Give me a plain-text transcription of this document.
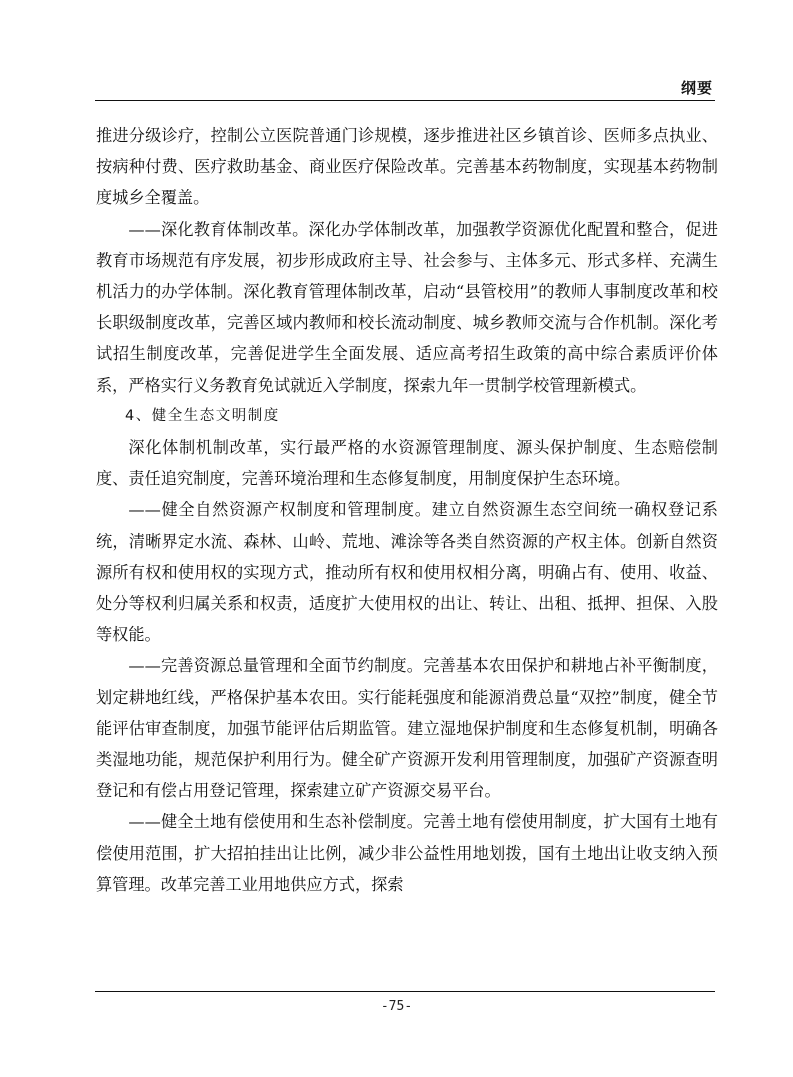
纲要

推进分级诊疗，控制公立医院普通门诊规模，逐步推进社区乡镇首诊、医师多点执业、按病种付费、医疗救助基金、商业医疗保险改革。完善基本药物制度，实现基本药物制度城乡全覆盖。

——深化教育体制改革。深化办学体制改革，加强教学资源优化配置和整合，促进教育市场规范有序发展，初步形成政府主导、社会参与、主体多元、形式多样、充满生机活力的办学体制。深化教育管理体制改革，启动“县管校用”的教师人事制度改革和校长职级制度改革，完善区域内教师和校长流动制度、城乡教师交流与合作机制。深化考试招生制度改革，完善促进学生全面发展、适应高考招生政策的高中综合素质评价体系，严格实行义务教育免试就近入学制度，探索九年一贯制学校管理新模式。

4、健全生态文明制度

深化体制机制改革，实行最严格的水资源管理制度、源头保护制度、生态赔偿制度、责任追究制度，完善环境治理和生态修复制度，用制度保护生态环境。

——健全自然资源产权制度和管理制度。建立自然资源生态空间统一确权登记系统，清晰界定水流、森林、山岭、荒地、滩涂等各类自然资源的产权主体。创新自然资源所有权和使用权的实现方式，推动所有权和使用权相分离，明确占有、使用、收益、处分等权利归属关系和权责，适度扩大使用权的出让、转让、出租、抵押、担保、入股等权能。

——完善资源总量管理和全面节约制度。完善基本农田保护和耕地占补平衡制度，划定耕地红线，严格保护基本农田。实行能耗强度和能源消费总量“双控”制度，健全节能评估审查制度，加强节能评估后期监管。建立湿地保护制度和生态修复机制，明确各类湿地功能，规范保护利用行为。健全矿产资源开发利用管理制度，加强矿产资源查明登记和有偿占用登记管理，探索建立矿产资源交易平台。

——健全土地有偿使用和生态补偿制度。完善土地有偿使用制度，扩大国有土地有偿使用范围，扩大招拍挂出让比例，减少非公益性用地划拨，国有土地出让收支纳入预算管理。改革完善工业用地供应方式，探索

-75-
